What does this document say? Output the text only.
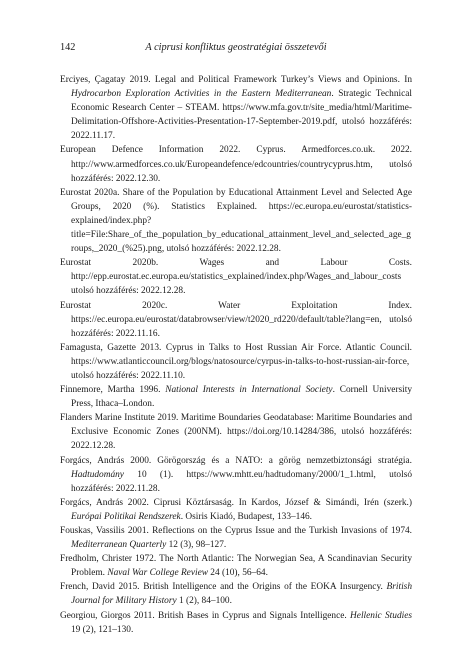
142	A ciprusi konfliktus geostratégiai összetevői

Erciyes, Çagatay 2019. Legal and Political Framework Turkey’s Views and Opinions. In Hydrocarbon Exploration Activities in the Eastern Mediterranean. Strategic Technical Economic Research Center – STEAM. https://www.mfa.gov.tr/site_media/html/Maritime-Delimitation-Offshore-Activities-Presentation-17-September-2019.pdf, utolsó hozzáférés: 2022.11.17.

European Defence Information 2022. Cyprus. Armedforces.co.uk. 2022. http://www.armedforces.co.uk/Europeandefence/edcountries/countrycyprus.htm, utolsó hozzáférés: 2022.12.30.

Eurostat 2020a. Share of the Population by Educational Attainment Level and Selected Age Groups, 2020 (%). Statistics Explained. https://ec.europa.eu/eurostat/statistics-explained/index.php?title=File:Share_of_the_population_by_educational_attainment_level_and_selected_age_groups,_2020_(%25).png, utolsó hozzáférés: 2022.12.28.

Eurostat 2020b. Wages and Labour Costs. http://epp.eurostat.ec.europa.eu/statistics_explained/index.php/Wages_and_labour_costs utolsó hozzáférés: 2022.12.28.

Eurostat 2020c. Water Exploitation Index. https://ec.europa.eu/eurostat/databrowser/view/t2020_rd220/default/table?lang=en, utolsó hozzáférés: 2022.11.16.

Famagusta, Gazette 2013. Cyprus in Talks to Host Russian Air Force. Atlantic Council. https://www.atlanticcouncil.org/blogs/natosource/cyrpus-in-talks-to-host-russian-air-force, utolsó hozzáférés: 2022.11.10.

Finnemore, Martha 1996. National Interests in International Society. Cornell University Press, Ithaca–London.

Flanders Marine Institute 2019. Maritime Boundaries Geodatabase: Maritime Boundaries and Exclusive Economic Zones (200NM). https://doi.org/10.14284/386, utolsó hozzáférés: 2022.12.28.

Forgács, András 2000. Görögország és a NATO: a görög nemzetbiztonsági stratégia. Hadtudomány 10 (1). https://www.mhtt.eu/hadtudomany/2000/1_1.html, utolsó hozzáférés: 2022.11.28.

Forgács, András 2002. Ciprusi Köztársaság. In Kardos, József & Simándi, Irén (szerk.) Európai Politikai Rendszerek. Osiris Kiadó, Budapest, 133–146.

Fouskas, Vassilis 2001. Reflections on the Cyprus Issue and the Turkish Invasions of 1974. Mediterranean Quarterly 12 (3), 98–127.

Fredholm, Christer 1972. The North Atlantic: The Norwegian Sea, A Scandinavian Security Problem. Naval War College Review 24 (10), 56–64.

French, David 2015. British Intelligence and the Origins of the EOKA Insurgency. British Journal for Military History 1 (2), 84–100.

Georgiou, Giorgos 2011. British Bases in Cyprus and Signals Intelligence. Hellenic Studies 19 (2), 121–130.
